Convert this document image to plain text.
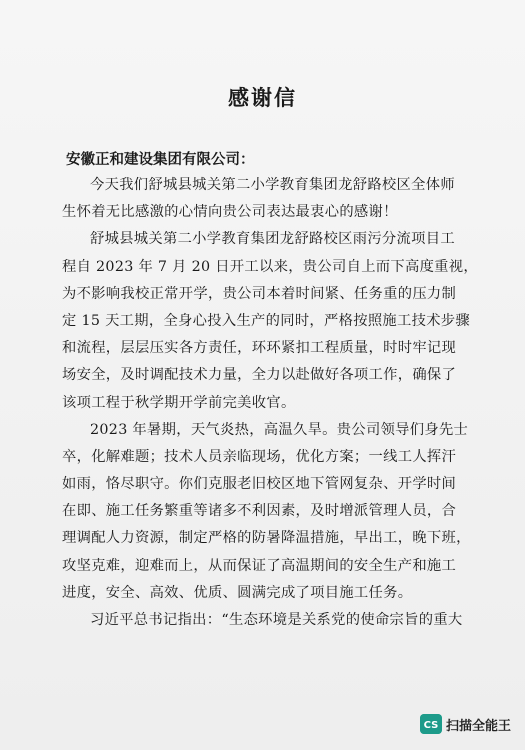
感谢信
安徽正和建设集团有限公司：
今天我们舒城县城关第二小学教育集团龙舒路校区全体师
生怀着无比感激的心情向贵公司表达最衷心的感谢！
舒城县城关第二小学教育集团龙舒路校区雨污分流项目工
程自 2023 年 7 月 20 日开工以来，贵公司自上而下高度重视，
为不影响我校正常开学，贵公司本着时间紧、任务重的压力制
定 15 天工期，全身心投入生产的同时，严格按照施工技术步骤
和流程，层层压实各方责任，环环紧扣工程质量，时时牢记现
场安全，及时调配技术力量，全力以赴做好各项工作，确保了
该项工程于秋学期开学前完美收官。
2023 年暑期，天气炎热，高温久旱。贵公司领导们身先士
卒，化解难题；技术人员亲临现场，优化方案；一线工人挥汗
如雨，恪尽职守。你们克服老旧校区地下管网复杂、开学时间
在即、施工任务繁重等诸多不利因素，及时增派管理人员，合
理调配人力资源，制定严格的防暑降温措施，早出工，晚下班，
攻坚克难，迎难而上，从而保证了高温期间的安全生产和施工
进度，安全、高效、优质、圆满完成了项目施工任务。
习近平总书记指出：“生态环境是关系党的使命宗旨的重大
CS 扫描全能王
